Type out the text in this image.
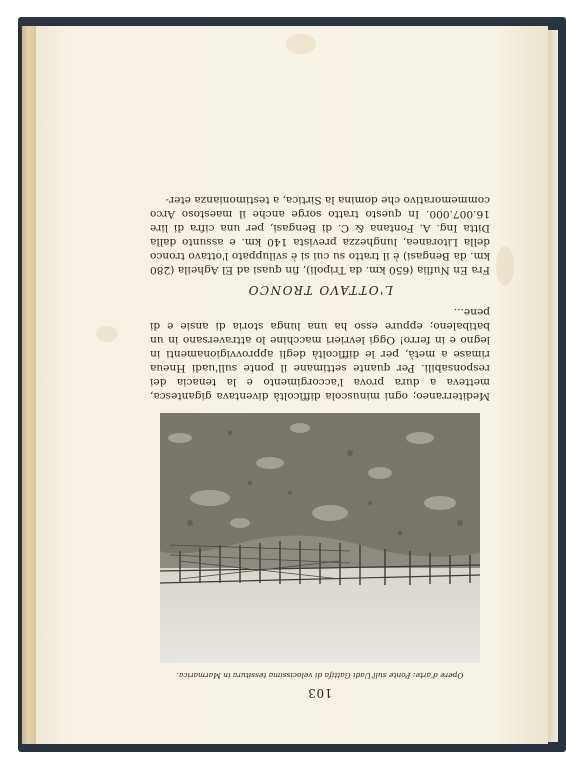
103

Opere d'arte: Ponte sull'Uadi Gattifa di velocissima tessitura in Marmarica.

Mediterraneo; ogni minuscola difficoltà diventava gigantesca, metteva a dura prova l'accorgimento e la tenacia dei responsabili. Per quante settimane il ponte sull'uadi Hneua rimase a metà, per le difficoltà degli approvvigionamenti in legno e in ferro! Oggi levrieri macchine lo attraversano in un batibaleno; eppure esso ha una lunga storia di ansie e di pene...

L'OTTAVO TRONCO

Fra En Nuflia (650 km. da Tripoli), fin quasi ad El Agheila (280 km. da Bengasi) è il tratto su cui si è sviluppato l'ottavo tronco della Litoranea, lunghezza prevista 140 km. e assunto dalla Ditta Ing. A. Fontana & C. di Bengasi, per una cifra di lire 16.007.000. In questo tratto sorge anche il maestoso Arco commemorativo che domina la Sirtica, a testimonianza eter-
